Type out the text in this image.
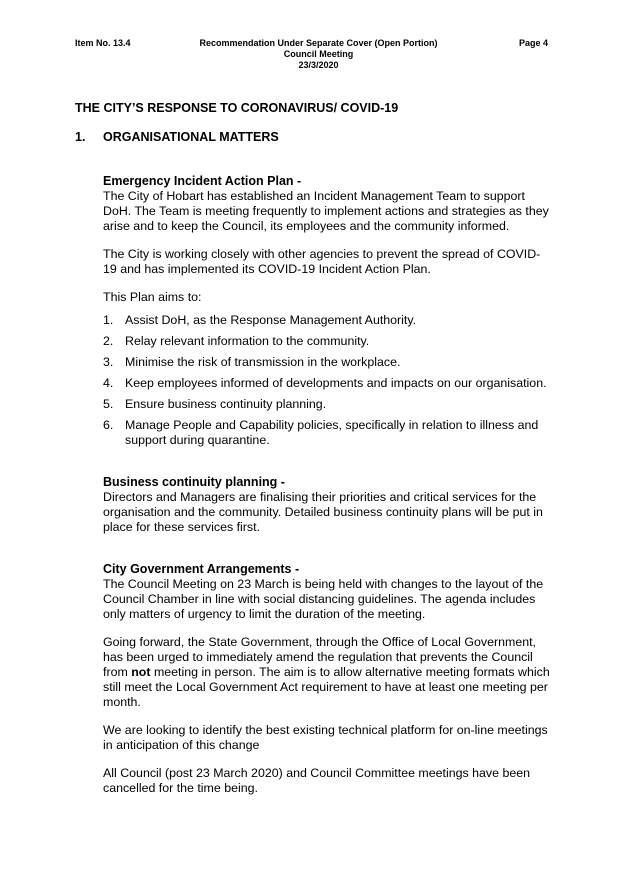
Item No. 13.4	Recommendation Under Separate Cover (Open Portion)
Council Meeting
23/3/2020
Page 4
THE CITY’S RESPONSE TO CORONAVIRUS/ COVID-19
1.	ORGANISATIONAL MATTERS
Emergency Incident Action Plan -

The City of Hobart has established an Incident Management Team to support DoH. The Team is meeting frequently to implement actions and strategies as they arise and to keep the Council, its employees and the community informed.

The City is working closely with other agencies to prevent the spread of COVID-19 and has implemented its COVID-19 Incident Action Plan.

This Plan aims to:

1. Assist DoH, as the Response Management Authority.
2. Relay relevant information to the community.
3. Minimise the risk of transmission in the workplace.
4. Keep employees informed of developments and impacts on our organisation.
5. Ensure business continuity planning.
6. Manage People and Capability policies, specifically in relation to illness and support during quarantine.
Business continuity planning -

Directors and Managers are finalising their priorities and critical services for the organisation and the community. Detailed business continuity plans will be put in place for these services first.

City Government Arrangements -

The Council Meeting on 23 March is being held with changes to the layout of the Council Chamber in line with social distancing guidelines. The agenda includes only matters of urgency to limit the duration of the meeting.

Going forward, the State Government, through the Office of Local Government, has been urged to immediately amend the regulation that prevents the Council from not meeting in person. The aim is to allow alternative meeting formats which still meet the Local Government Act requirement to have at least one meeting per month.

We are looking to identify the best existing technical platform for on-line meetings in anticipation of this change

All Council (post 23 March 2020) and Council Committee meetings have been cancelled for the time being.
